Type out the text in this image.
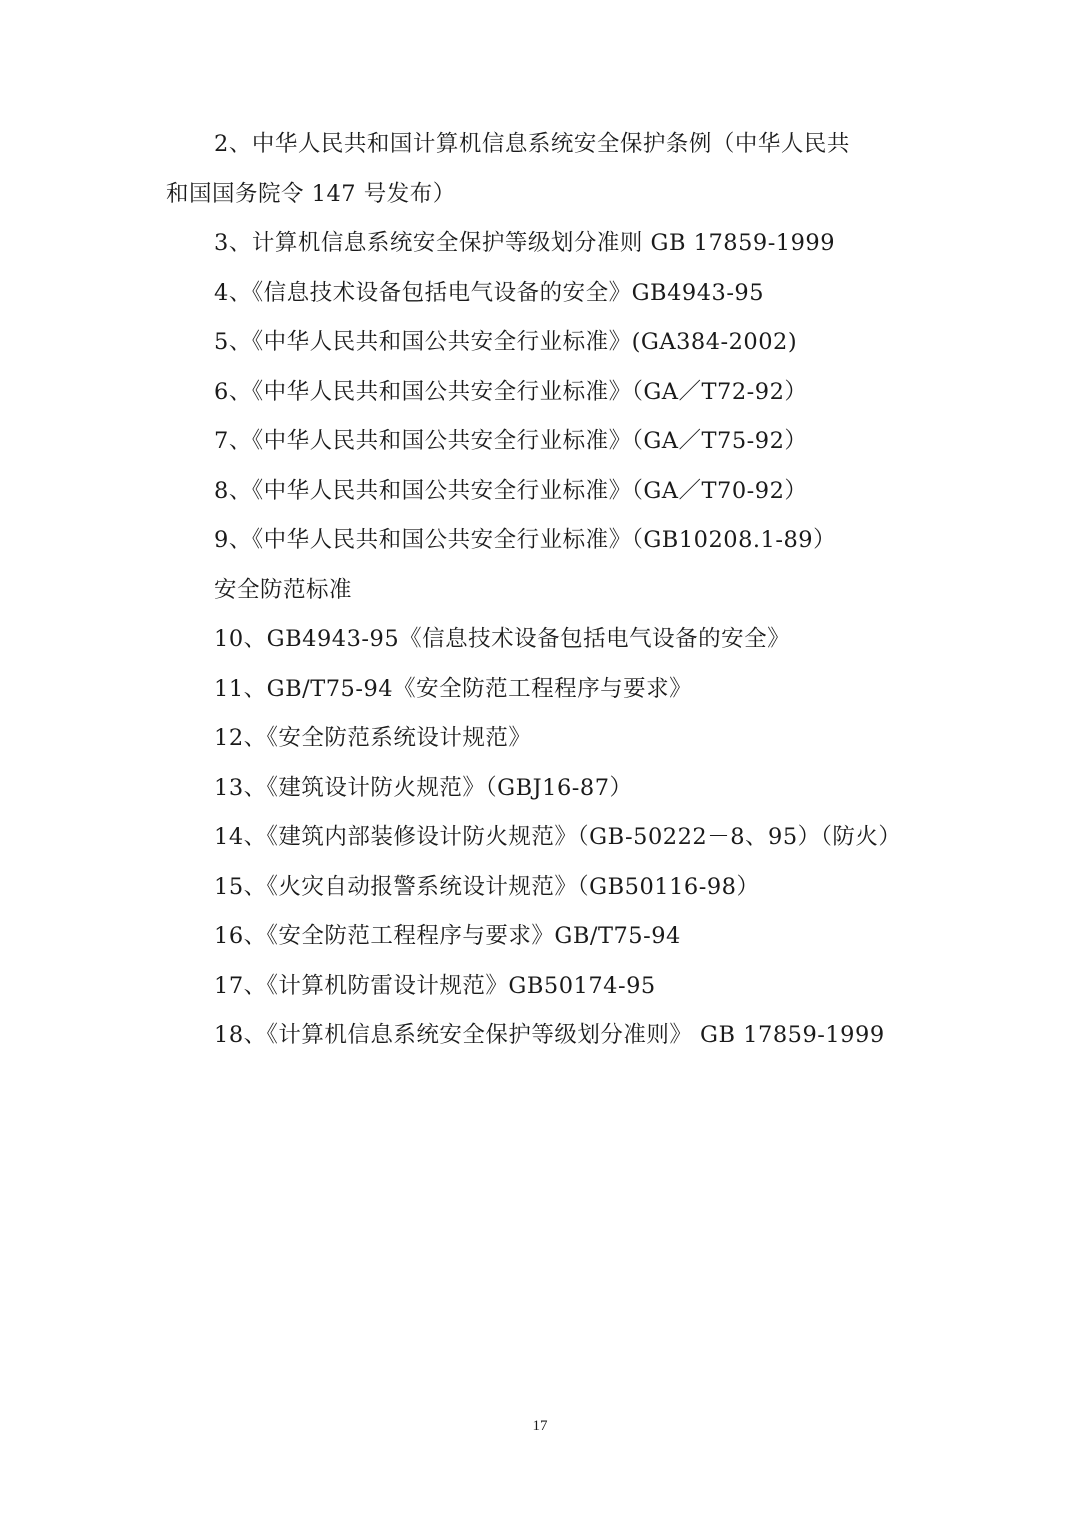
2、中华人民共和国计算机信息系统安全保护条例（中华人民共
和国国务院令 147 号发布）
3、计算机信息系统安全保护等级划分准则 GB 17859-1999
4、《信息技术设备包括电气设备的安全》GB4943-95
5、《中华人民共和国公共安全行业标准》(GA384-2002)
6、《中华人民共和国公共安全行业标准》（GA／T72-92）
7、《中华人民共和国公共安全行业标准》（GA／T75-92）
8、《中华人民共和国公共安全行业标准》（GA／T70-92）
9、《中华人民共和国公共安全行业标准》（GB10208.1-89）
安全防范标准
10、GB4943-95《信息技术设备包括电气设备的安全》
11、GB/T75-94《安全防范工程程序与要求》
12、《安全防范系统设计规范》
13、《建筑设计防火规范》（GBJ16-87）
14、《建筑内部装修设计防火规范》（GB-50222－8、95）（防火）
15、《火灾自动报警系统设计规范》（GB50116-98）
16、《安全防范工程程序与要求》GB/T75-94
17、《计算机防雷设计规范》GB50174-95
18、《计算机信息系统安全保护等级划分准则》 GB 17859-1999
17
